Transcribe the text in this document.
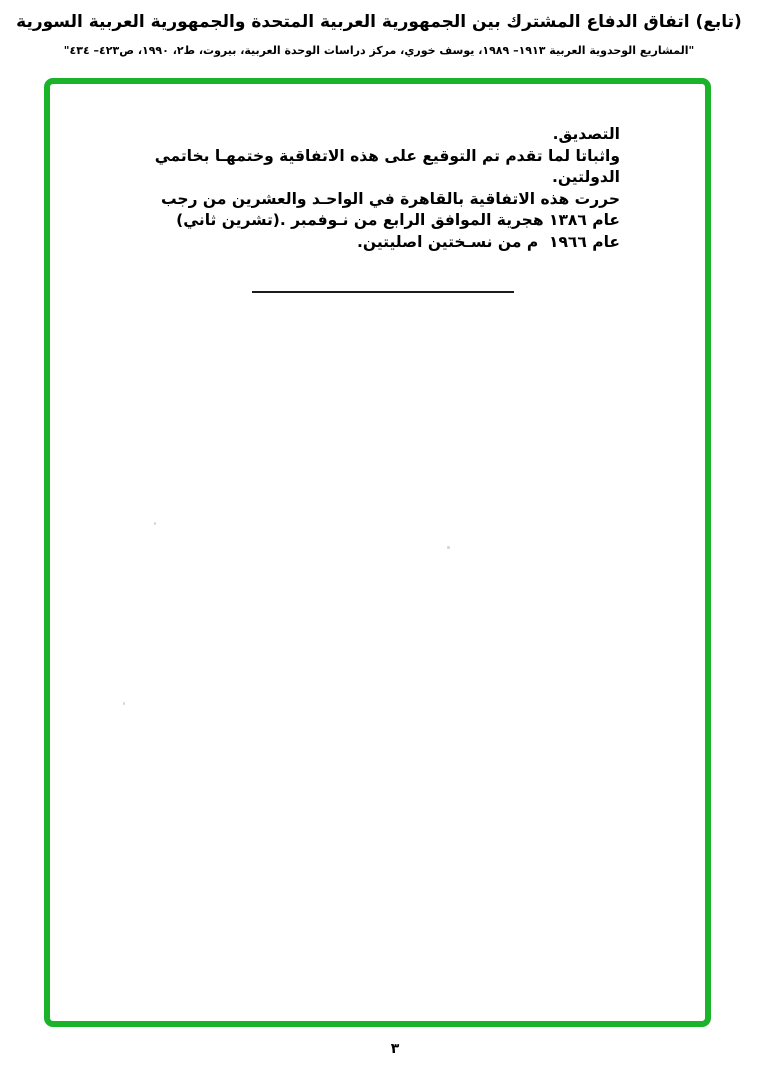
(تابع) اتفاق الدفاع المشترك بين الجمهورية العربية المتحدة والجمهورية العربية السورية
"المشاريع الوحدوية العربية ١٩١٣– ١٩٨٩، يوسف خوري، مركز دراسات الوحدة العربية، بيروت، ط٢، ١٩٩٠، ص٤٢٣– ٤٣٤"
التصديق.
واثباتا لما تقدم تم التوقيع على هذه الاتفاقية وختمهـا بخاتمي
الدولتين.
حررت هذه الاتفاقية بالقاهرة في الواحـد والعشرين من رجب
عام ١٣٨٦ هجرية الموافق الرابع من نـوفمبر .(تشرين ثاني)
عام ١٩٦٦  م من نسـختين اصليتين.
٣
